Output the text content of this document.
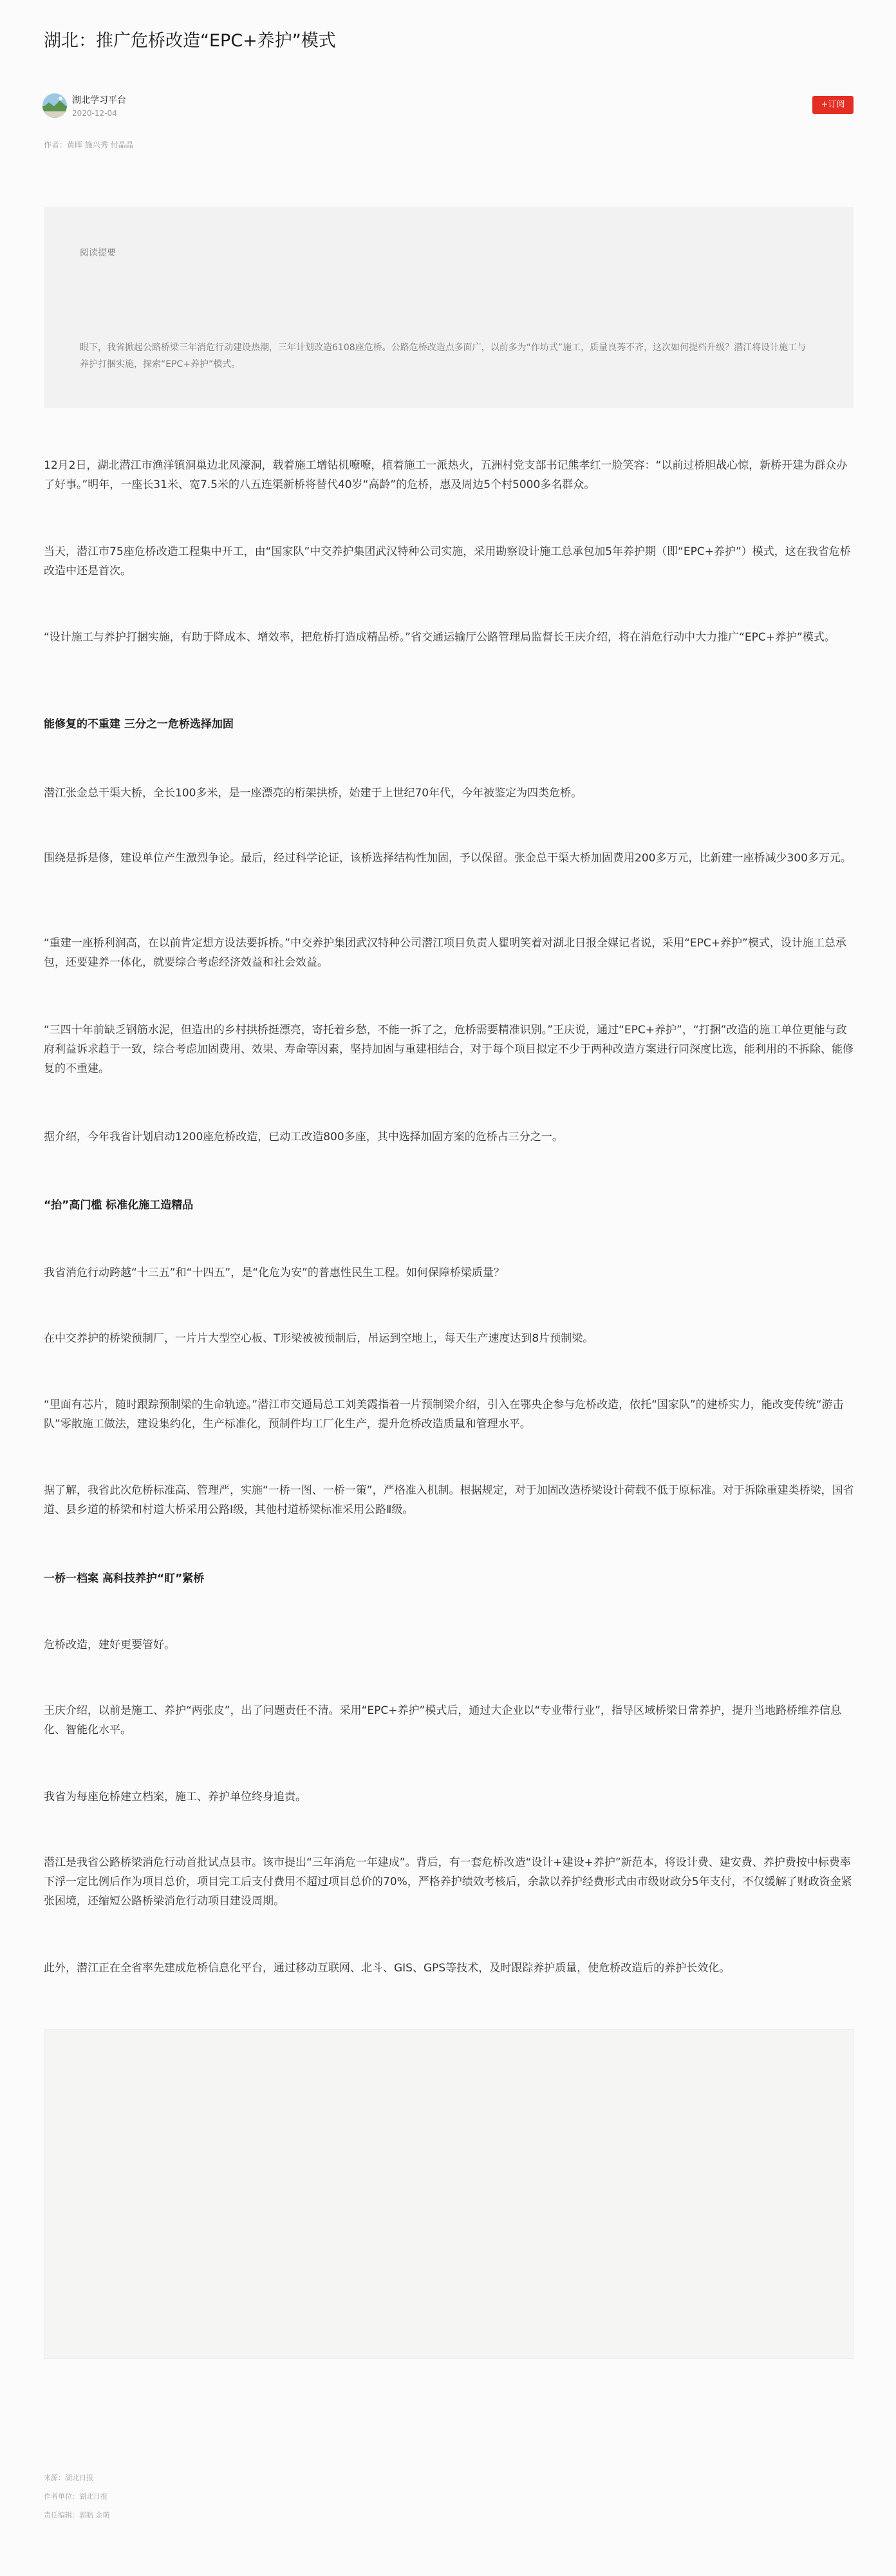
湖北：推广危桥改造“EPC+养护”模式
湖北学习平台
2020-12-04
+订阅
作者：黄晖 施兴秀 付晶晶
阅读提要
眼下，我省掀起公路桥梁三年消危行动建设热潮，三年计划改造6108座危桥。公路危桥改造点多面广，以前多为“作坊式”施工，质量良莠不齐，这次如何提档升级？潜江将设计施工与养护打捆实施，探索“EPC+养护”模式。

12月2日，湖北潜江市渔洋镇洞巢边北凤濠洞，载着施工增钻机嘹嘹，植着施工一派热火，五洲村党支部书记熊孝红一脸笑容：“以前过桥胆战心惊，新桥开建为群众办了好事。”明年，一座长31米、宽7.5米的八五连渠新桥将替代40岁“高龄”的危桥，惠及周边5个村5000多名群众。

当天，潜江市75座危桥改造工程集中开工，由“国家队”中交养护集团武汉特种公司实施，采用勘察设计施工总承包加5年养护期（即“EPC+养护”）模式，这在我省危桥改造中还是首次。

“设计施工与养护打捆实施，有助于降成本、增效率，把危桥打造成精品桥。”省交通运输厅公路管理局监督长王庆介绍，将在消危行动中大力推广“EPC+养护”模式。

能修复的不重建 三分之一危桥选择加固

潜江张金总干渠大桥，全长100多米，是一座漂亮的桁架拱桥，始建于上世纪70年代，今年被鉴定为四类危桥。

围绕是拆是修，建设单位产生激烈争论。最后，经过科学论证，该桥选择结构性加固，予以保留。张金总干渠大桥加固费用200多万元，比新建一座桥减少300多万元。

“重建一座桥利润高，在以前肯定想方设法要拆桥。”中交养护集团武汉特种公司潜江项目负责人瞿明笑着对湖北日报全媒记者说，采用“EPC+养护”模式，设计施工总承包，还要建养一体化，就要综合考虑经济效益和社会效益。

“三四十年前缺乏钢筋水泥，但造出的乡村拱桥挺漂亮，寄托着乡愁，不能一拆了之，危桥需要精准识别。”王庆说，通过“EPC+养护”，“打捆”改造的施工单位更能与政府利益诉求趋于一致，综合考虑加固费用、效果、寿命等因素，坚持加固与重建相结合，对于每个项目拟定不少于两种改造方案进行同深度比选，能利用的不拆除、能修复的不重建。

据介绍，今年我省计划启动1200座危桥改造，已动工改造800多座，其中选择加固方案的危桥占三分之一。

“抬”高门槛 标准化施工造精品

我省消危行动跨越“十三五”和“十四五”，是“化危为安”的普惠性民生工程。如何保障桥梁质量？

在中交养护的桥梁预制厂，一片片大型空心板、T形梁被被预制后，吊运到空地上，每天生产速度达到8片预制梁。

“里面有芯片，随时跟踪预制梁的生命轨迹。”潜江市交通局总工刘美霞指着一片预制梁介绍，引入在鄂央企参与危桥改造，依托“国家队”的建桥实力，能改变传统“游击队”零散施工做法，建设集约化，生产标准化，预制件均工厂化生产，提升危桥改造质量和管理水平。

据了解，我省此次危桥标准高、管理严，实施“一桥一图、一桥一策”，严格准入机制。根据规定，对于加固改造桥梁设计荷载不低于原标准。对于拆除重建类桥梁，国省道、县乡道的桥梁和村道大桥采用公路Ⅰ级，其他村道桥梁标准采用公路Ⅱ级。

一桥一档案 高科技养护“盯”紧桥

危桥改造，建好更要管好。

王庆介绍，以前是施工、养护“两张皮”，出了问题责任不清。采用“EPC+养护”模式后，通过大企业以“专业带行业”，指导区域桥梁日常养护，提升当地路桥维养信息化、智能化水平。

我省为每座危桥建立档案，施工、养护单位终身追责。

潜江是我省公路桥梁消危行动首批试点县市。该市提出“三年消危一年建成”。背后，有一套危桥改造“设计+建设+养护”新范本，将设计费、建安费、养护费按中标费率下浮一定比例后作为项目总价，项目完工后支付费用不超过项目总价的70%，严格养护绩效考核后，余款以养护经费形式由市级财政分5年支付，不仅缓解了财政资金紧张困境，还缩短公路桥梁消危行动项目建设周期。

此外，潜江正在全省率先建成危桥信息化平台，通过移动互联网、北斗、GIS、GPS等技术，及时跟踪养护质量，使危桥改造后的养护长效化。

来源：湖北日报
作者单位：湖北日报
责任编辑：郭皓 余萌
